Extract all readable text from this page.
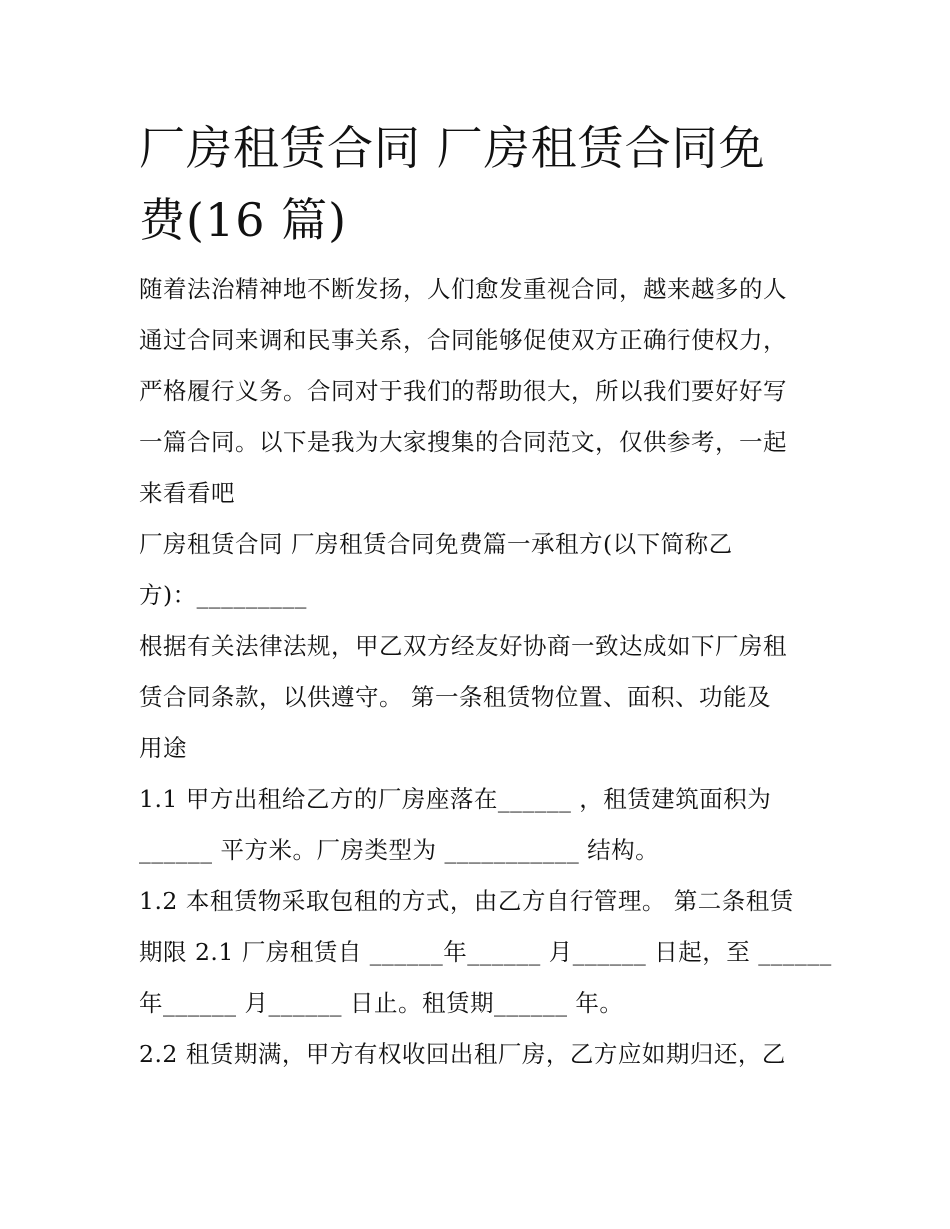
厂房租赁合同 厂房租赁合同免
费(16 篇)
随着法治精神地不断发扬，人们愈发重视合同，越来越多的人
通过合同来调和民事关系，合同能够促使双方正确行使权力，
严格履行义务。合同对于我们的帮助很大，所以我们要好好写
一篇合同。以下是我为大家搜集的合同范文，仅供参考，一起
来看看吧
厂房租赁合同 厂房租赁合同免费篇一承租方(以下简称乙
方)：_________
根据有关法律法规，甲乙双方经友好协商一致达成如下厂房租
赁合同条款，以供遵守。 第一条租赁物位置、面积、功能及
用途
1.1 甲方出租给乙方的厂房座落在______ ，租赁建筑面积为
______ 平方米。厂房类型为 ___________ 结构。
1.2 本租赁物采取包租的方式，由乙方自行管理。 第二条租赁
期限 2.1 厂房租赁自 ______年______ 月______ 日起，至 ______
年______ 月______ 日止。租赁期______ 年。
2.2 租赁期满，甲方有权收回出租厂房，乙方应如期归还，乙
